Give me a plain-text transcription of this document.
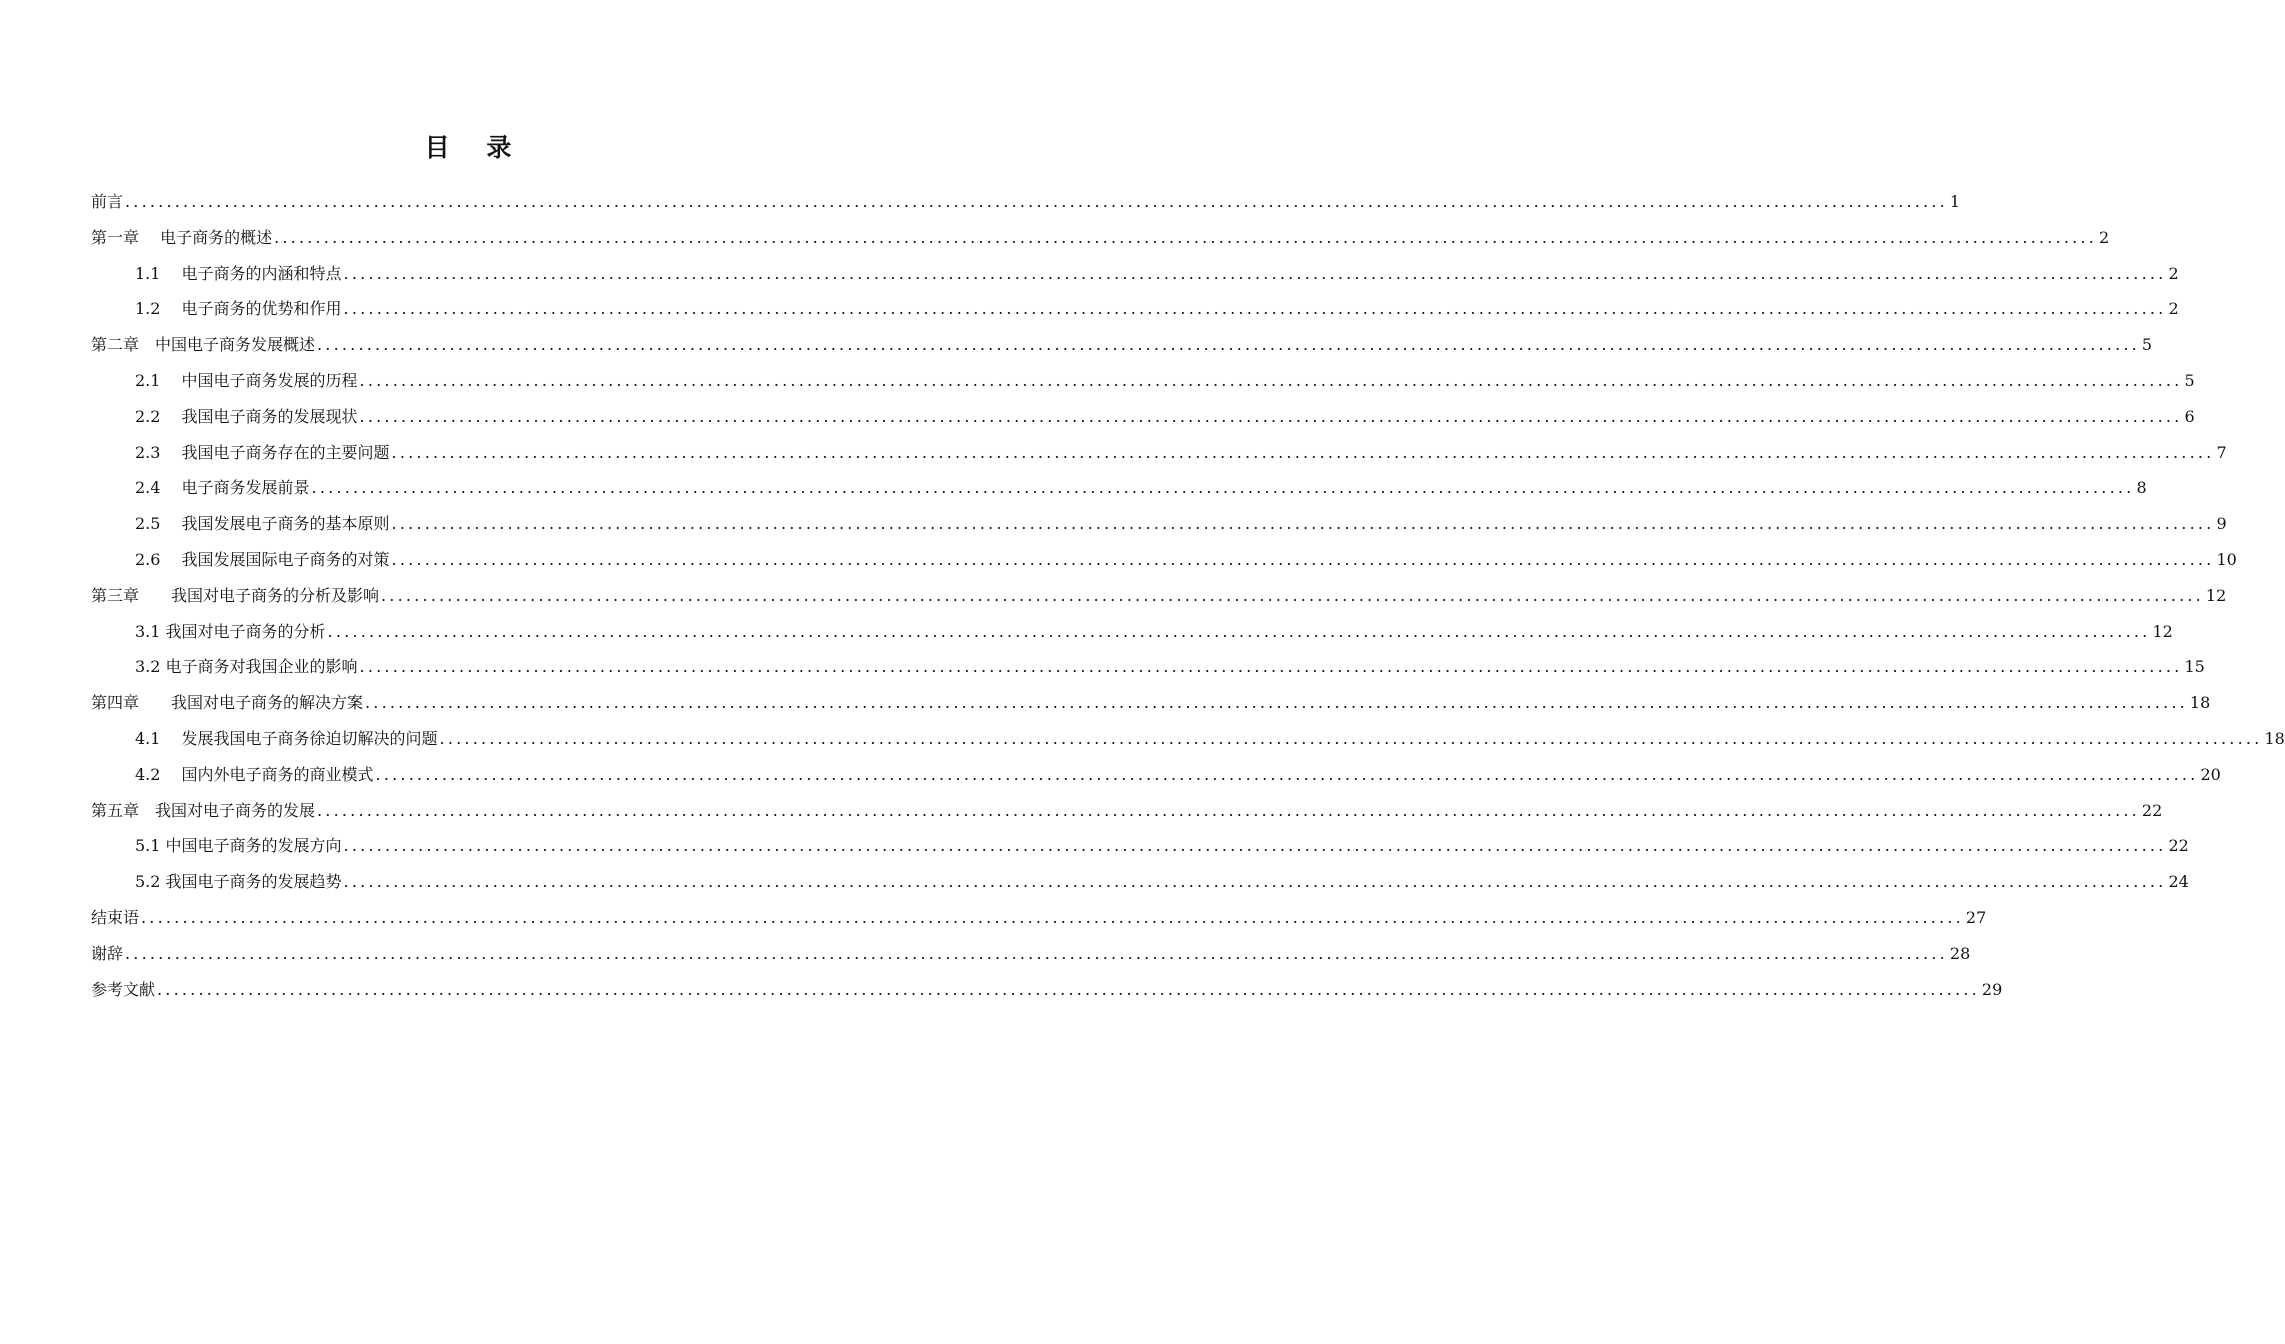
目 录
前言 ............................................................................................................................................................................................................................ 1
第一章　 电子商务的概述 ............................................................................................................................................................................................................................ 2
1.1　 电子商务的内涵和特点 ............................................................................................................................................................................................................................ 2
1.2　 电子商务的优势和作用 ............................................................................................................................................................................................................................ 2
第二章　中国电子商务发展概述 ............................................................................................................................................................................................................................ 5
2.1　 中国电子商务发展的历程 ............................................................................................................................................................................................................................ 5
2.2　 我国电子商务的发展现状 ............................................................................................................................................................................................................................ 6
2.3　 我国电子商务存在的主要问题 ............................................................................................................................................................................................................................ 7
2.4　 电子商务发展前景 ............................................................................................................................................................................................................................ 8
2.5　 我国发展电子商务的基本原则 ............................................................................................................................................................................................................................ 9
2.6　 我国发展国际电子商务的对策 ............................................................................................................................................................................................................................ 10
第三章　　我国对电子商务的分析及影响 ............................................................................................................................................................................................................................ 12
3.1 我国对电子商务的分析 ............................................................................................................................................................................................................................ 12
3.2 电子商务对我国企业的影响 ............................................................................................................................................................................................................................ 15
第四章　　我国对电子商务的解决方案 ............................................................................................................................................................................................................................ 18
4.1　 发展我国电子商务徐迫切解决的问题 ............................................................................................................................................................................................................................ 18
4.2　 国内外电子商务的商业模式 ............................................................................................................................................................................................................................ 20
第五章　我国对电子商务的发展 ............................................................................................................................................................................................................................ 22
5.1 中国电子商务的发展方向 ............................................................................................................................................................................................................................ 22
5.2 我国电子商务的发展趋势 ............................................................................................................................................................................................................................ 24
结束语 ............................................................................................................................................................................................................................ 27
谢辞 ............................................................................................................................................................................................................................ 28
参考文献 ............................................................................................................................................................................................................................ 29
